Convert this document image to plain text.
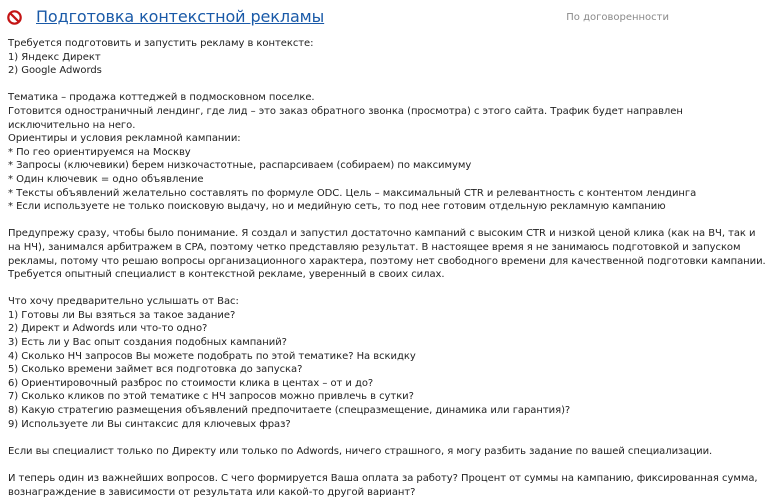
Подготовка контекстной рекламы	По договоренности
Требуется подготовить и запустить рекламу в контексте:
1) Яндекс Директ
2) Google Adwords
Тематика – продажа коттеджей в подмосковном поселке.
Готовится одностраничный лендинг, где лид – это заказ обратного звонка (просмотра) с этого сайта. Трафик будет направлен
исключительно на него.
Ориентиры и условия рекламной кампании:
* По гео ориентируемся на Москву
* Запросы (ключевики) берем низкочастотные, распарсиваем (собираем) по максимуму
* Один ключевик = одно объявление
* Тексты объявлений желательно составлять по формуле ODC. Цель – максимальный CTR и релевантность с контентом лендинга
* Если используете не только поисковую выдачу, но и медийную сеть, то под нее готовим отдельную рекламную кампанию
Предупрежу сразу, чтобы было понимание. Я создал и запустил достаточно кампаний с высоким CTR и низкой ценой клика (как на ВЧ, так и
на НЧ), занимался арбитражем в CPA, поэтому четко представляю результат. В настоящее время я не занимаюсь подготовкой и запуском
рекламы, потому что решаю вопросы организационного характера, поэтому нет свободного времени для качественной подготовки кампании.
Требуется опытный специалист в контекстной рекламе, уверенный в своих силах.
Что хочу предварительно услышать от Вас:
1) Готовы ли Вы взяться за такое задание?
2) Директ и Adwords или что-то одно?
3) Есть ли у Вас опыт создания подобных кампаний?
4) Сколько НЧ запросов Вы можете подобрать по этой тематике? На вскидку
5) Сколько времени займет вся подготовка до запуска?
6) Ориентировочный разброс по стоимости клика в центах – от и до?
7) Сколько кликов по этой тематике с НЧ запросов можно привлечь в сутки?
8) Какую стратегию размещения объявлений предпочитаете (спецразмещение, динамика или гарантия)?
9) Используете ли Вы синтаксис для ключевых фраз?
Если вы специалист только по Директу или только по Adwords, ничего страшного, я могу разбить задание по вашей специализации.
И теперь один из важнейших вопросов. С чего формируется Ваша оплата за работу? Процент от суммы на кампанию, фиксированная сумма,
вознаграждение в зависимости от результата или какой-то другой вариант?
